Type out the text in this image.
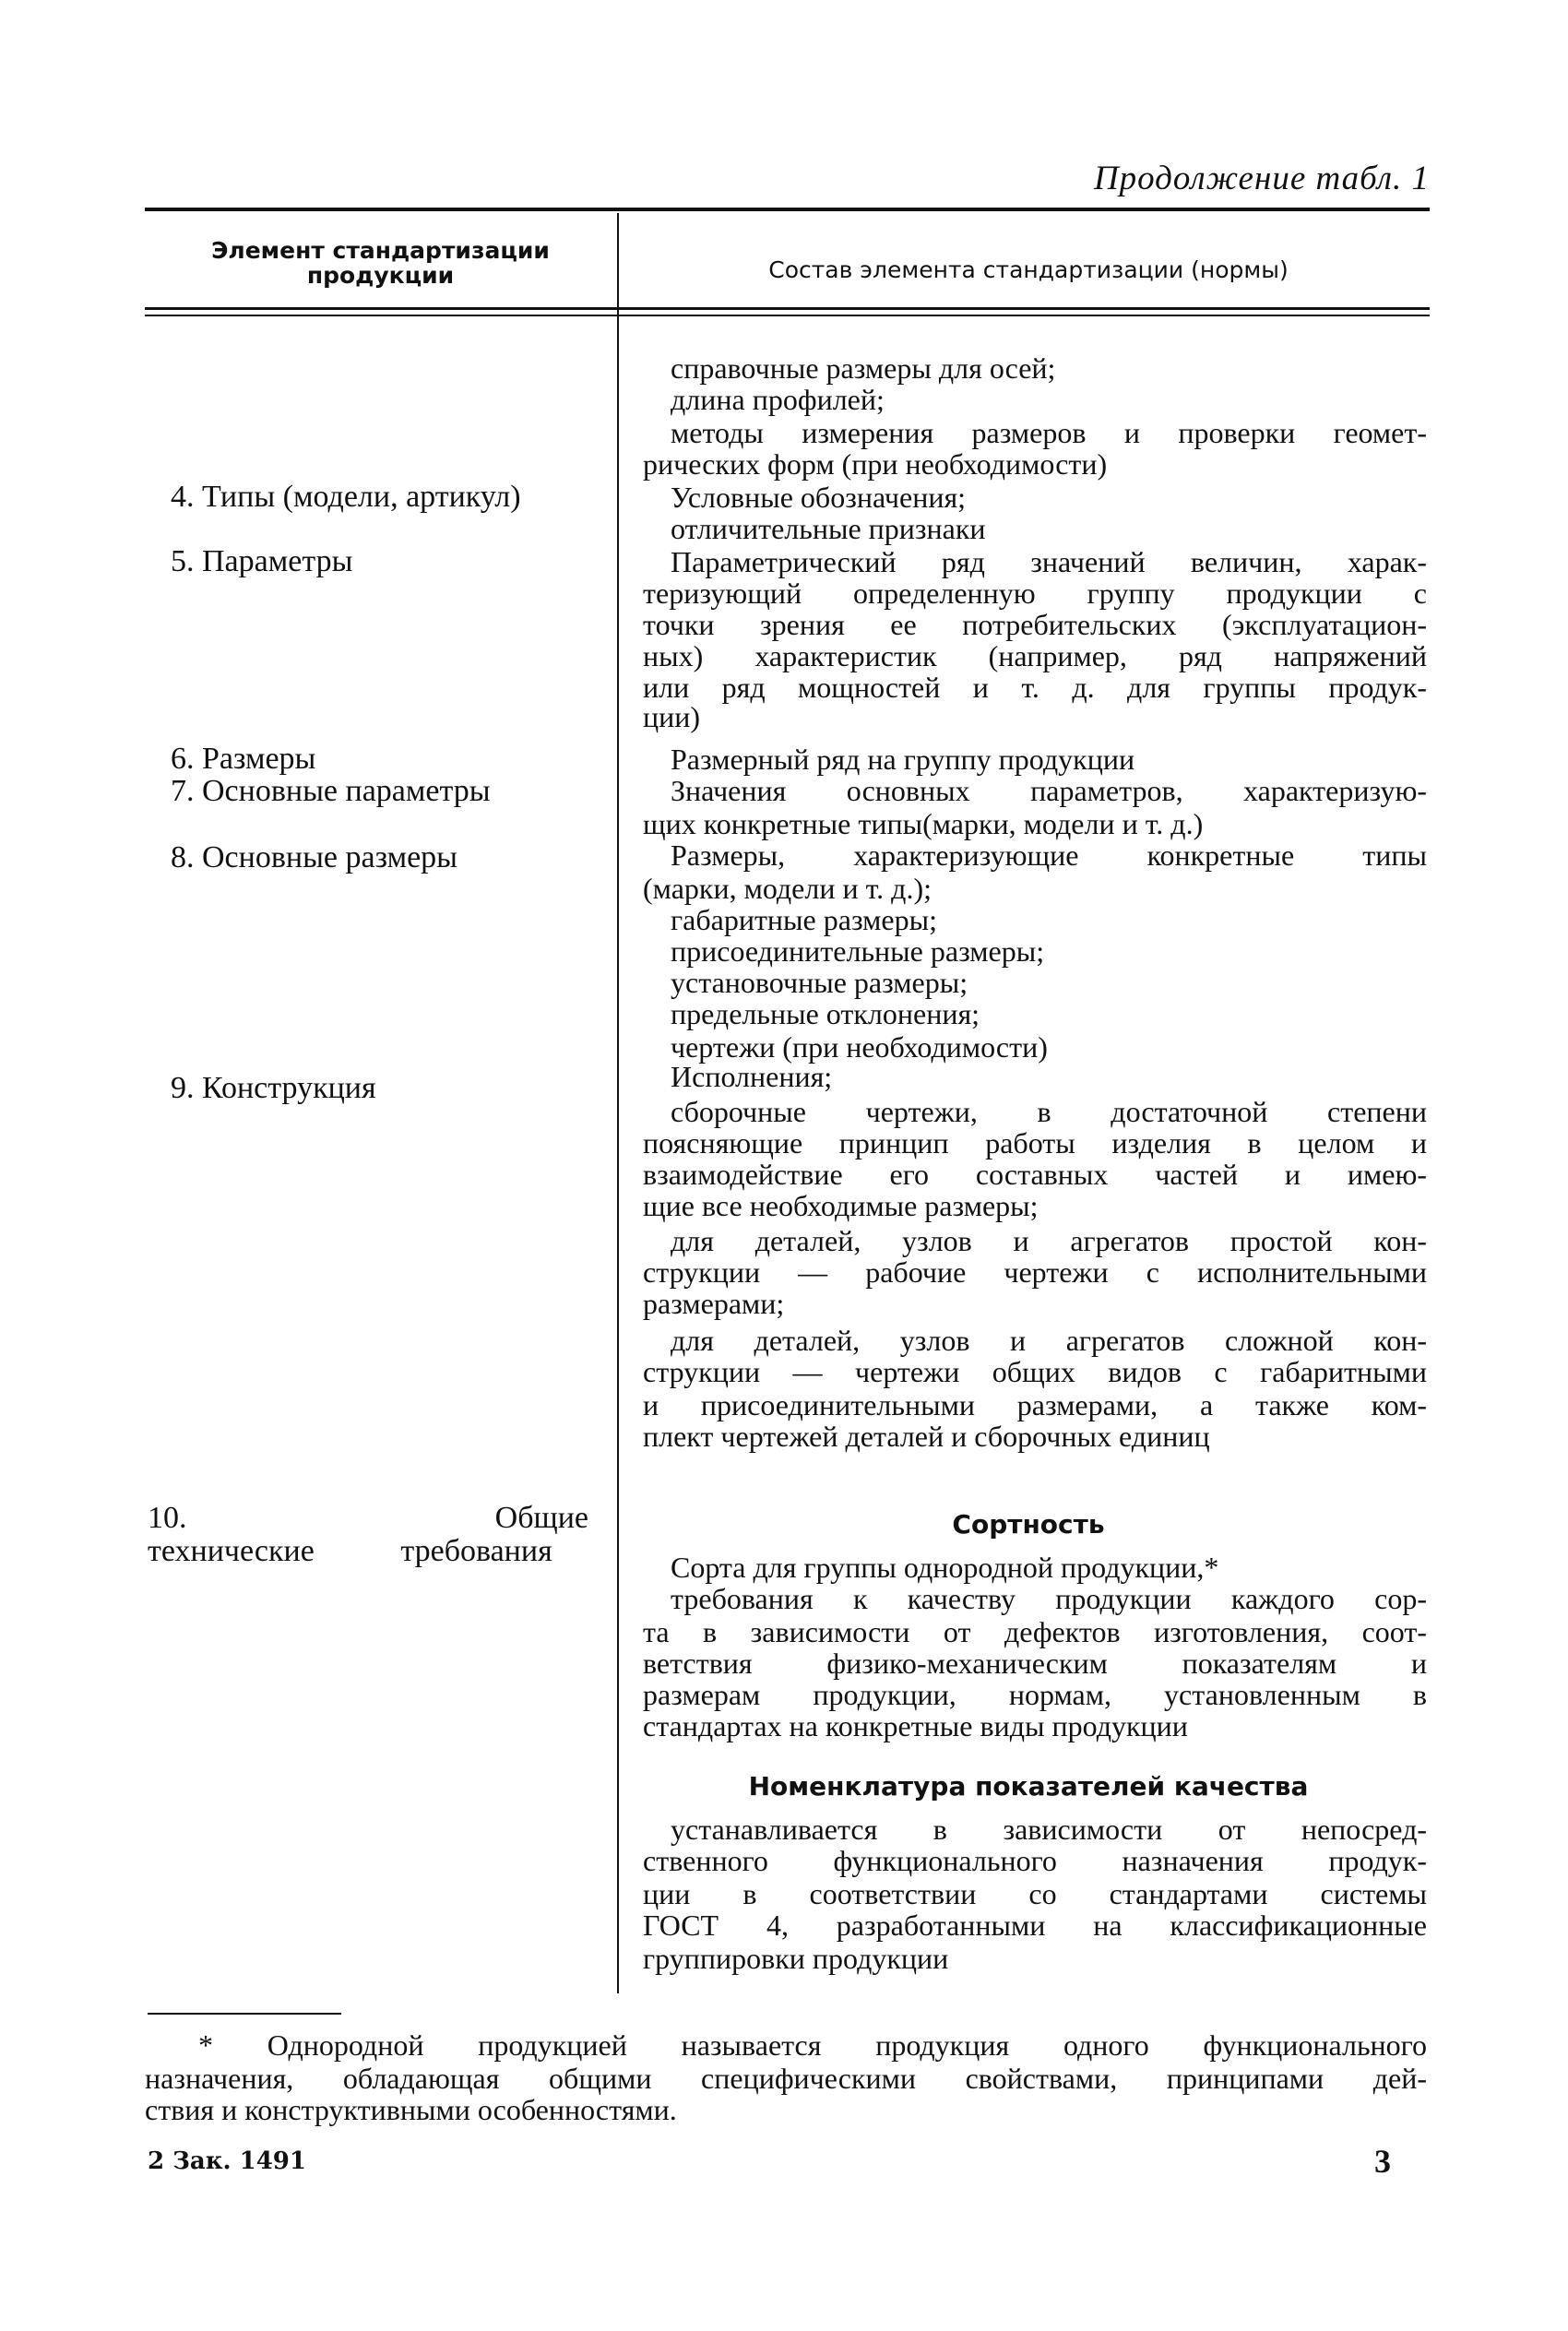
Продолжение табл. 1
Элемент стандартизации продукции	Состав элемента стандартизации (нормы)
4. Типы (модели, артикул)
5. Параметры
6. Размеры
7. Основные параметры
8. Основные размеры
9. Конструкция
10. Общие технические требования
справочные размеры для осей;
длина профилей;
методы измерения размеров и проверки геомет-
рических форм (при необходимости)
Условные обозначения;
отличительные признаки
Параметрический ряд значений величин, харак-
теризующий определенную группу продукции с
точки зрения ее потребительских (эксплуатацион-
ных) характеристик (например, ряд напряжений
или ряд мощностей и т. д. для группы продук-
ции)
Размерный ряд на группу продукции
Значения основных параметров, характеризую-
щих конкретные типы(марки, модели и т. д.)
Размеры, характеризующие конкретные типы
(марки, модели и т. д.);
габаритные размеры;
присоединительные размеры;
установочные размеры;
предельные отклонения;
чертежи (при необходимости)
Исполнения;
сборочные чертежи, в достаточной степени
поясняющие принцип работы изделия в целом и
взаимодействие его составных частей и имею-
щие все необходимые размеры;
для деталей, узлов и агрегатов простой кон-
струкции — рабочие чертежи с исполнительными
размерами;
для деталей, узлов и агрегатов сложной кон-
струкции — чертежи общих видов с габаритными
и присоединительными размерами, а также ком-
плект чертежей деталей и сборочных единиц
Сортность
Сорта для группы однородной продукции,*
требования к качеству продукции каждого сор-
та в зависимости от дефектов изготовления, соот-
ветствия физико-механическим показателям и
размерам продукции, нормам, установленным в
стандартах на конкретные виды продукции
Номенклатура показателей качества
устанавливается в зависимости от непосред-
ственного функционального назначения продук-
ции в соответствии со стандартами системы
ГОСТ 4, разработанными на классификационные
группировки продукции
* Однородной продукцией называется продукция одного функционального
назначения, обладающая общими специфическими свойствами, принципами дей-
ствия и конструктивными особенностями.
2 Зак. 1491	3
